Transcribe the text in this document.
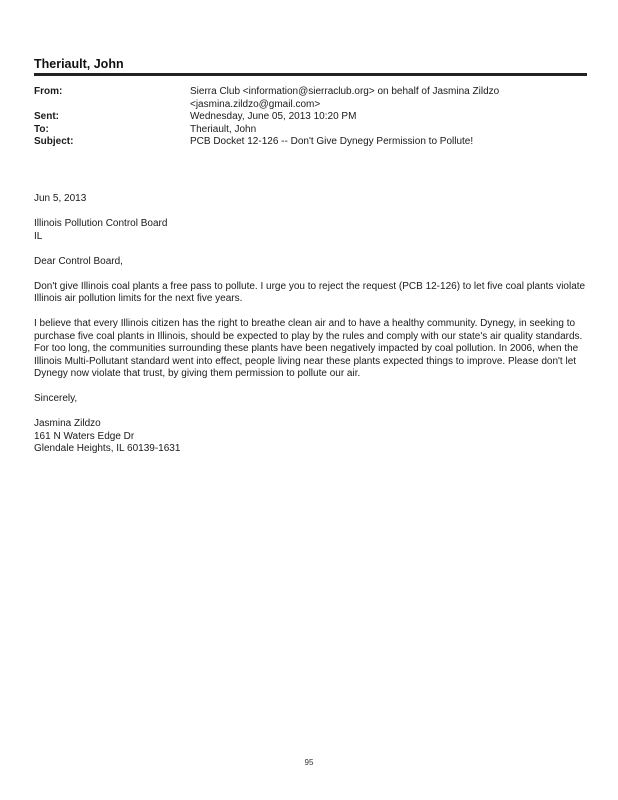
Theriault, John
From:	Sierra Club <information@sierraclub.org> on behalf of Jasmina Zildzo
<jasmina.zildzo@gmail.com>
Sent:	Wednesday, June 05, 2013 10:20 PM
To:	Theriault, John
Subject:	PCB Docket 12-126 -- Don't Give Dynegy Permission to Pollute!

Jun 5, 2013

Illinois Pollution Control Board
IL

Dear Control Board,

Don't give Illinois coal plants a free pass to pollute. I urge you to reject the request (PCB 12-126) to let five coal plants violate Illinois air pollution limits for the next five years.

I believe that every Illinois citizen has the right to breathe clean air and to have a healthy community. Dynegy, in seeking to purchase five coal plants in Illinois, should be expected to play by the rules and comply with our state's air quality standards. For too long, the communities surrounding these plants have been negatively impacted by coal pollution. In 2006, when the Illinois Multi-Pollutant standard went into effect, people living near these plants expected things to improve. Please don't let Dynegy now violate that trust, by giving them permission to pollute our air.

Sincerely,

Jasmina Zildzo

161 N Waters Edge Dr

Glendale Heights, IL 60139-1631

95
